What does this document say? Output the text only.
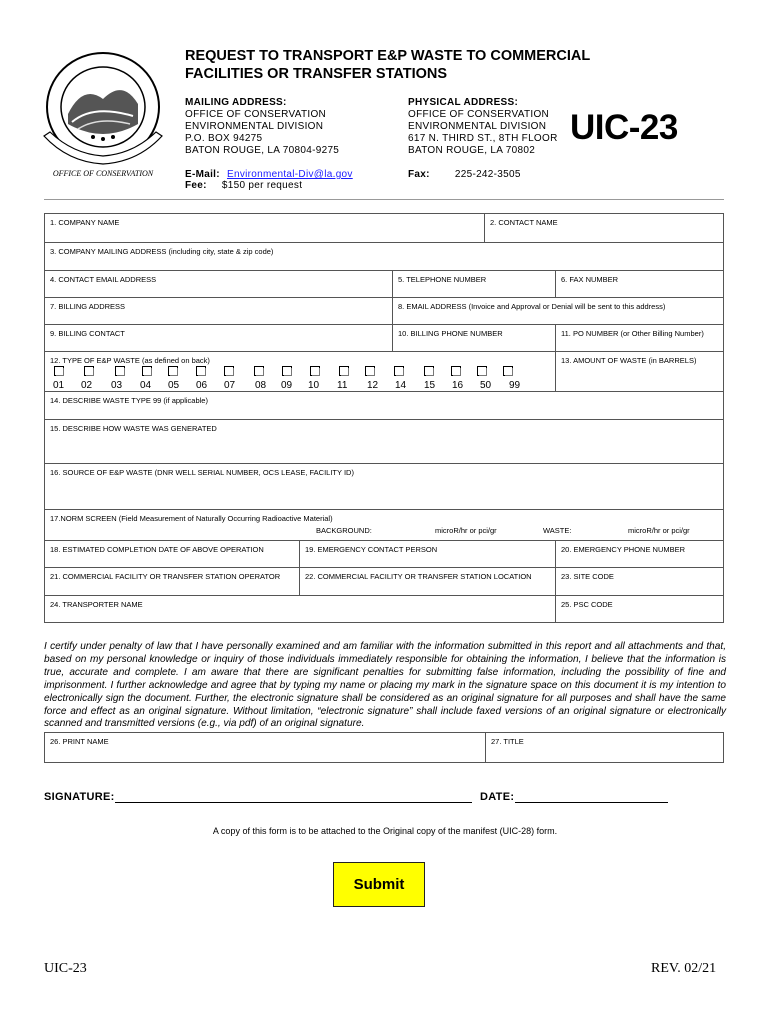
OFFICE OF CONSERVATION
REQUEST TO TRANSPORT E&P WASTE TO COMMERCIAL
FACILITIES OR TRANSFER STATIONS
MAILING ADDRESS:
OFFICE OF CONSERVATION
ENVIRONMENTAL DIVISION
P.O. BOX 94275
BATON ROUGE, LA 70804-9275
PHYSICAL ADDRESS:
OFFICE OF CONSERVATION
ENVIRONMENTAL DIVISION
617 N. THIRD ST., 8TH FLOOR
BATON ROUGE, LA 70802
UIC-23
E-Mail: Environmental-Div@la.gov
Fee: $150 per request
Fax:	225-242-3505
1. COMPANY NAME	2. CONTACT NAME
3. COMPANY MAILING ADDRESS (including city, state & zip code)
4. CONTACT EMAIL ADDRESS	5. TELEPHONE NUMBER	6. FAX NUMBER
7. BILLING ADDRESS	8. EMAIL ADDRESS (Invoice and Approval or Denial will be sent to this address)
9. BILLING CONTACT	10. BILLING PHONE NUMBER	11. PO NUMBER (or Other Billing Number)
12. TYPE OF E&P WASTE (as defined on back)
01 02 03 04 05 06 07 08 09 10 11 12 14 15 16 50 99
13. AMOUNT OF WASTE (in BARRELS)
14. DESCRIBE WASTE TYPE 99 (if applicable)
15. DESCRIBE HOW WASTE WAS GENERATED
16. SOURCE OF E&P WASTE (DNR WELL SERIAL NUMBER, OCS LEASE, FACILITY ID)
17.NORM SCREEN (Field Measurement of Naturally Occurring Radioactive Material)
BACKGROUND:	microR/hr or pci/gr	WASTE:	microR/hr or pci/gr
18. ESTIMATED COMPLETION DATE OF ABOVE OPERATION	19. EMERGENCY CONTACT PERSON	20. EMERGENCY PHONE NUMBER
21. COMMERCIAL FACILITY OR TRANSFER STATION OPERATOR	22. COMMERCIAL FACILITY OR TRANSFER STATION LOCATION	23. SITE CODE
24. TRANSPORTER NAME	25. PSC CODE
I certify under penalty of law that I have personally examined and am familiar with the information submitted in this report and all attachments and that, based on my personal knowledge or inquiry of those individuals immediately responsible for obtaining the information, I believe that the information is true, accurate and complete. I am aware that there are significant penalties for submitting false information, including the possibility of fine and imprisonment. I further acknowledge and agree that by typing my name or placing my mark in the signature space on this document it is my intention to electronically sign the document. Further, the electronic signature shall be considered as an original signature for all purposes and shall have the same force and effect as an original signature. Without limitation, “electronic signature” shall include faxed versions of an original signature or electronically scanned and transmitted versions (e.g., via pdf) of an original signature.
26. PRINT NAME	27. TITLE
SIGNATURE:	DATE:
A copy of this form is to be attached to the Original copy of the manifest (UIC-28) form.
Submit
UIC-23	REV. 02/21
